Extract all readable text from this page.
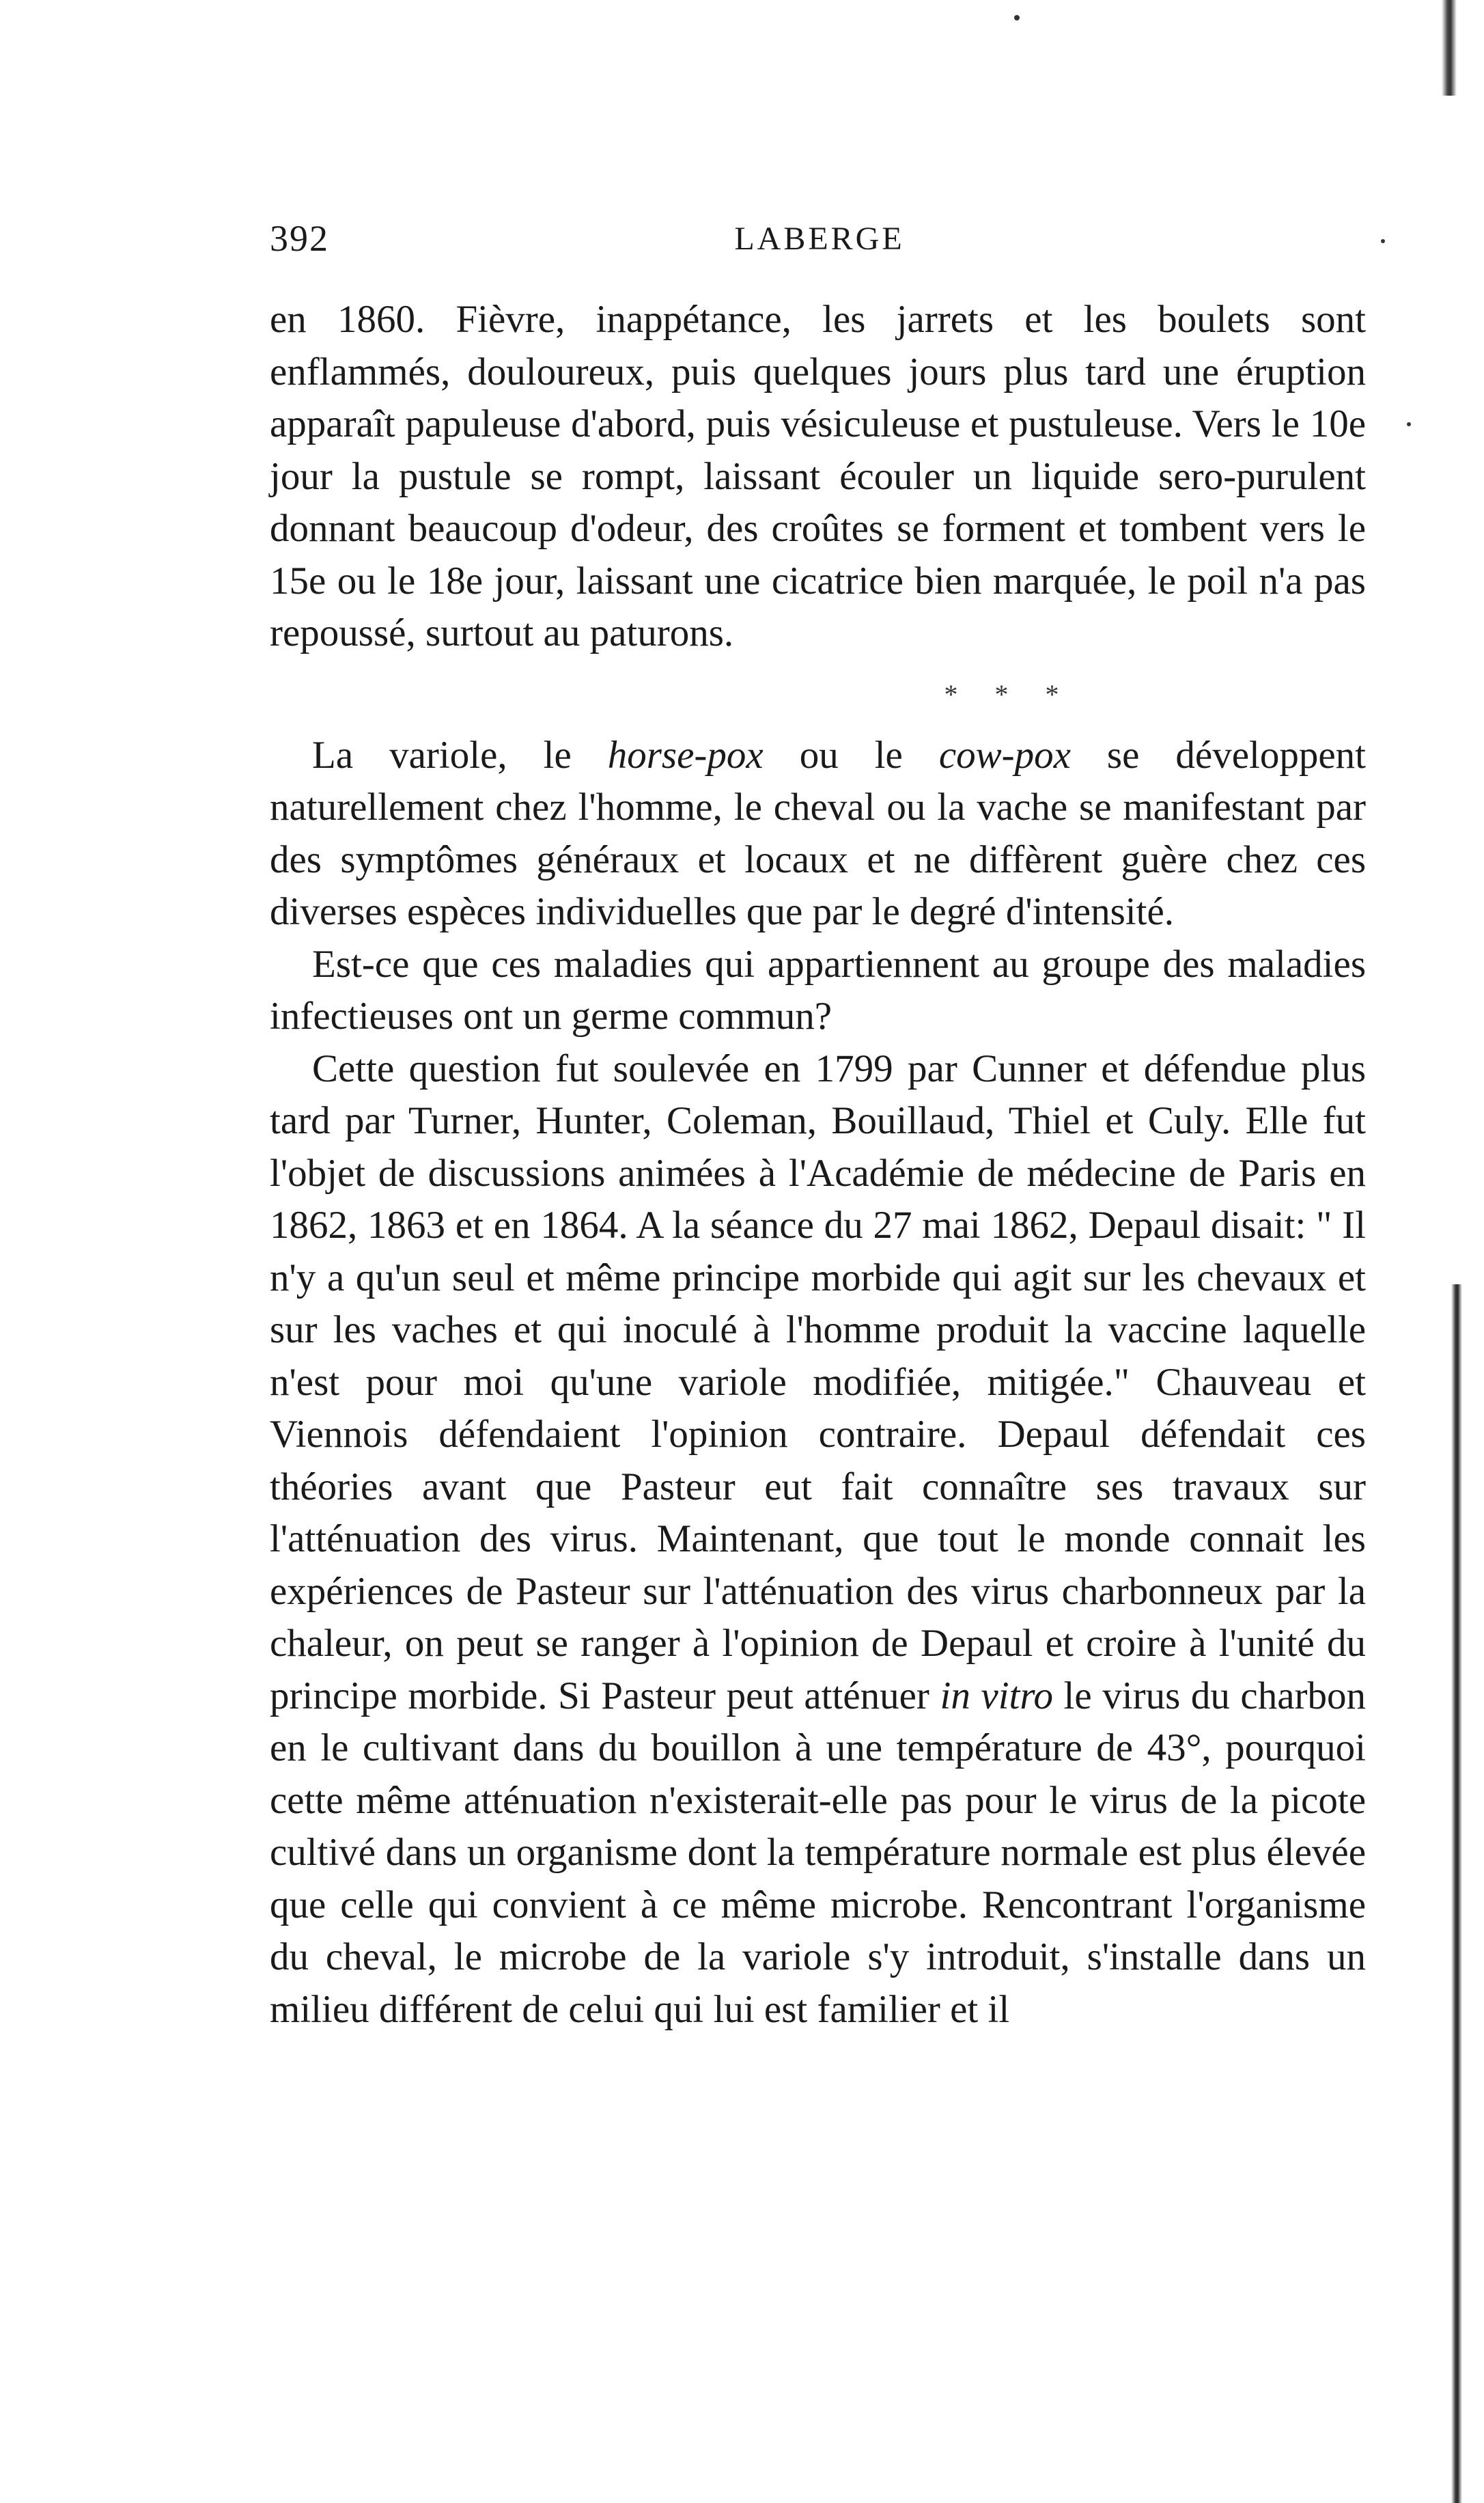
392	LABERGE

en 1860. Fièvre, inappétance, les jarrets et les boulets sont enflammés, douloureux, puis quelques jours plus tard une éruption apparaît papuleuse d'abord, puis vésiculeuse et pustuleuse. Vers le 10e jour la pustule se rompt, laissant écouler un liquide sero-purulent donnant beaucoup d'odeur, des croûtes se forment et tombent vers le 15e ou le 18e jour, laissant une cicatrice bien marquée, le poil n'a pas repoussé, surtout au paturons.

* * *

La variole, le horse-pox ou le cow-pox se développent naturellement chez l'homme, le cheval ou la vache se manifestant par des symptômes généraux et locaux et ne diffèrent guère chez ces diverses espèces individuelles que par le degré d'intensité.

Est-ce que ces maladies qui appartiennent au groupe des maladies infectieuses ont un germe commun?

Cette question fut soulevée en 1799 par Cunner et défendue plus tard par Turner, Hunter, Coleman, Bouillaud, Thiel et Culy. Elle fut l'objet de discussions animées à l'Académie de médecine de Paris en 1862, 1863 et en 1864. A la séance du 27 mai 1862, Depaul disait: " Il n'y a qu'un seul et même principe morbide qui agit sur les chevaux et sur les vaches et qui inoculé à l'homme produit la vaccine laquelle n'est pour moi qu'une variole modifiée, mitigée." Chauveau et Viennois défendaient l'opinion contraire. Depaul défendait ces théories avant que Pasteur eut fait connaître ses travaux sur l'atténuation des virus. Maintenant, que tout le monde connait les expériences de Pasteur sur l'atténuation des virus charbonneux par la chaleur, on peut se ranger à l'opinion de Depaul et croire à l'unité du principe morbide. Si Pasteur peut atténuer in vitro le virus du charbon en le cultivant dans du bouillon à une température de 43°, pourquoi cette même atténuation n'existerait-elle pas pour le virus de la picote cultivé dans un organisme dont la température normale est plus élevée que celle qui convient à ce même microbe. Rencontrant l'organisme du cheval, le microbe de la variole s'y introduit, s'installe dans un milieu différent de celui qui lui est familier et il
